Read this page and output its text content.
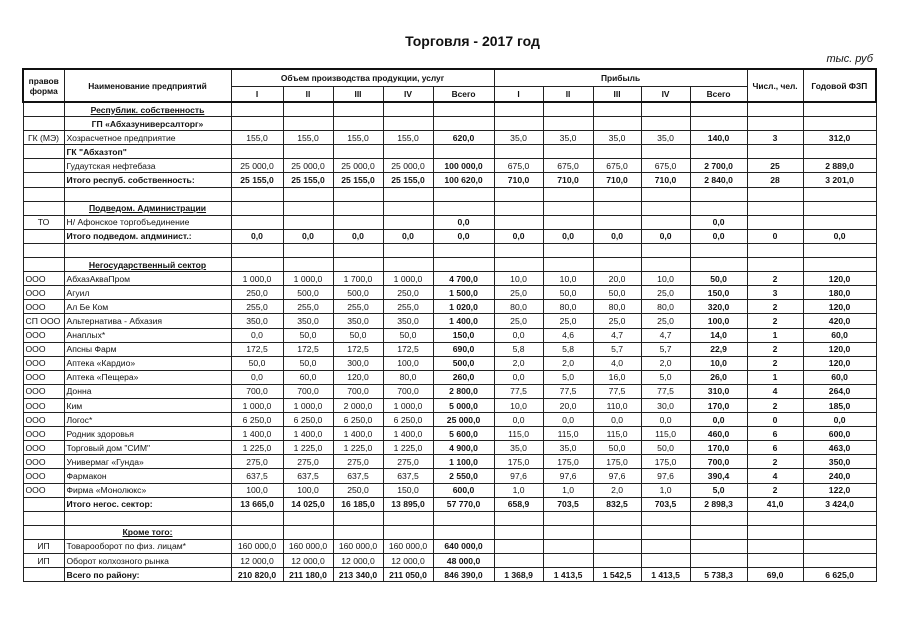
Торговля - 2017 год
тыс. руб
правов форма	Наименование предприятий	Объем производства продукции, услуг					Прибыль					Числ., чел.	Годовой ФЗП
		I	II	III	IV	Всего	I	II	III	IV	Всего		
	Республик. собственность												
	ГП «Абхазуниверсалторг»												
ГК (МЭ)	Хозрасчетное предприятие	155,0	155,0	155,0	155,0	620,0	35,0	35,0	35,0	35,0	140,0	3	312,0
	ГК "Абхазтоп"												
	Гудаутская нефтебаза	25 000,0	25 000,0	25 000,0	25 000,0	100 000,0	675,0	675,0	675,0	675,0	2 700,0	25	2 889,0
	Итого респуб. собственность:	25 155,0	25 155,0	25 155,0	25 155,0	100 620,0	710,0	710,0	710,0	710,0	2 840,0	28	3 201,0

	Подведом. Администрации												
ТО	Н/ Афонское торгобъединение					0,0					0,0		
	Итого подведом. апдминист.:	0,0	0,0	0,0	0,0	0,0	0,0	0,0	0,0	0,0	0,0	0	0,0

	Негосударственный сектор												
ООО	АбхазАкваПром	1 000,0	1 000,0	1 700,0	1 000,0	4 700,0	10,0	10,0	20,0	10,0	50,0	2	120,0
ООО	Агуил	250,0	500,0	500,0	250,0	1 500,0	25,0	50,0	50,0	25,0	150,0	3	180,0
ООО	Ал Бе Ком	255,0	255,0	255,0	255,0	1 020,0	80,0	80,0	80,0	80,0	320,0	2	120,0
СП ООО	Альтернатива - Абхазия	350,0	350,0	350,0	350,0	1 400,0	25,0	25,0	25,0	25,0	100,0	2	420,0
ООО	Анаплых*	0,0	50,0	50,0	50,0	150,0	0,0	4,6	4,7	4,7	14,0	1	60,0
ООО	Апсны Фарм	172,5	172,5	172,5	172,5	690,0	5,8	5,8	5,7	5,7	22,9	2	120,0
ООО	Аптека «Кардио»	50,0	50,0	300,0	100,0	500,0	2,0	2,0	4,0	2,0	10,0	2	120,0
ООО	Аптека «Пещера»	0,0	60,0	120,0	80,0	260,0	0,0	5,0	16,0	5,0	26,0	1	60,0
ООО	Донна	700,0	700,0	700,0	700,0	2 800,0	77,5	77,5	77,5	77,5	310,0	4	264,0
ООО	Ким	1 000,0	1 000,0	2 000,0	1 000,0	5 000,0	10,0	20,0	110,0	30,0	170,0	2	185,0
ООО	Логос*	6 250,0	6 250,0	6 250,0	6 250,0	25 000,0	0,0	0,0	0,0	0,0	0,0	0	0,0
ООО	Родник здоровья	1 400,0	1 400,0	1 400,0	1 400,0	5 600,0	115,0	115,0	115,0	115,0	460,0	6	600,0
ООО	Торговый дом "СИМ"	1 225,0	1 225,0	1 225,0	1 225,0	4 900,0	35,0	35,0	50,0	50,0	170,0	6	463,0
ООО	Универмаг «Гунда»	275,0	275,0	275,0	275,0	1 100,0	175,0	175,0	175,0	175,0	700,0	2	350,0
ООО	Фармакон	637,5	637,5	637,5	637,5	2 550,0	97,6	97,6	97,6	97,6	390,4	4	240,0
ООО	Фирма «Монолюкс»	100,0	100,0	250,0	150,0	600,0	1,0	1,0	2,0	1,0	5,0	2	122,0
	Итого негос. сектор:	13 665,0	14 025,0	16 185,0	13 895,0	57 770,0	658,9	703,5	832,5	703,5	2 898,3	41,0	3 424,0

	Кроме того:												
ИП	Товарооборот по физ. лицам*	160 000,0	160 000,0	160 000,0	160 000,0	640 000,0							
ИП	Оборот колхозного рынка	12 000,0	12 000,0	12 000,0	12 000,0	48 000,0							
	Всего по району:	210 820,0	211 180,0	213 340,0	211 050,0	846 390,0	1 368,9	1 413,5	1 542,5	1 413,5	5 738,3	69,0	6 625,0
